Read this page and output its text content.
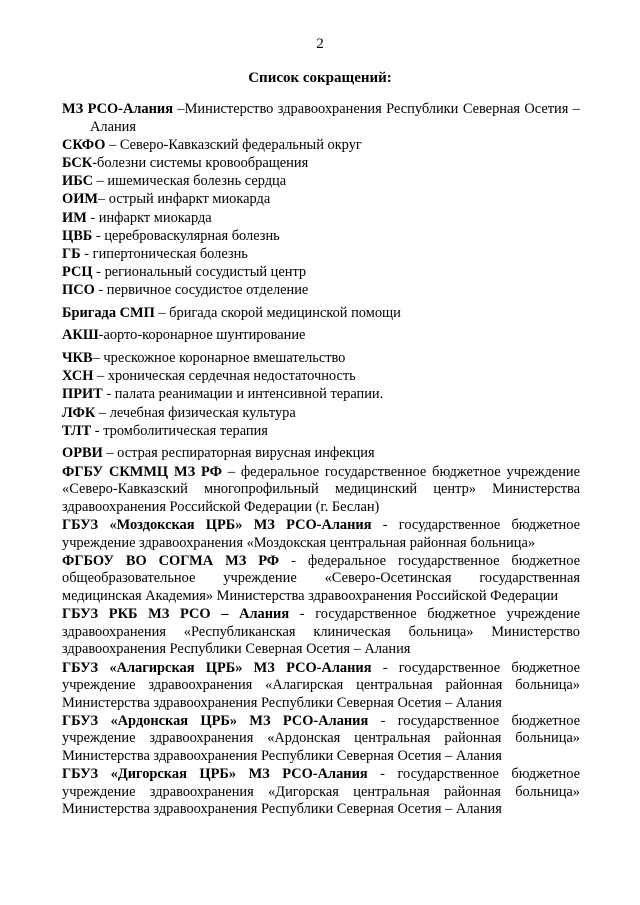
2
Список сокращений:
МЗ РСО-Алания –Министерство здравоохранения Республики Северная Осетия – Алания
СКФО – Северо-Кавказский федеральный округ
БСК-болезни системы кровообращения
ИБС – ишемическая болезнь сердца
ОИМ– острый инфаркт миокарда
ИМ - инфаркт миокарда
ЦВБ - цереброваскулярная болезнь
ГБ - гипертоническая болезнь
РСЦ - региональный сосудистый центр
ПСО - первичное сосудистое отделение
Бригада СМП – бригада скорой медицинской помощи
АКШ-аорто-коронарное шунтирование
ЧКВ– чрескожное коронарное вмешательство
ХСН – хроническая сердечная недостаточность
ПРИТ - палата реанимации и интенсивной терапии.
ЛФК – лечебная физическая культура
ТЛТ - тромболитическая терапия
ОРВИ – острая респираторная вирусная инфекция
ФГБУ СКММЦ МЗ РФ – федеральное государственное бюджетное учреждение «Северо-Кавказский многопрофильный медицинский центр» Министерства здравоохранения Российской Федерации (г. Беслан)
ГБУЗ «Моздокская ЦРБ» МЗ РСО-Алания - государственное бюджетное учреждение здравоохранения «Моздокская центральная районная больница»
ФГБОУ ВО СОГМА МЗ РФ - федеральное государственное бюджетное общеобразовательное учреждение «Северо-Осетинская государственная медицинская Академия» Министерства здравоохранения Российской Федерации
ГБУЗ РКБ МЗ РСО – Алания - государственное бюджетное учреждение здравоохранения «Республиканская клиническая больница» Министерство здравоохранения Республики Северная Осетия – Алания
ГБУЗ «Алагирская ЦРБ» МЗ РСО-Алания - государственное бюджетное учреждение здравоохранения «Алагирская центральная районная больница» Министерства здравоохранения Республики Северная Осетия – Алания
ГБУЗ «Ардонская ЦРБ» МЗ РСО-Алания - государственное бюджетное учреждение здравоохранения «Ардонская центральная районная больница» Министерства здравоохранения Республики Северная Осетия – Алания
ГБУЗ «Дигорская ЦРБ» МЗ РСО-Алания - государственное бюджетное учреждение здравоохранения «Дигорская центральная районная больница» Министерства здравоохранения Республики Северная Осетия – Алания
